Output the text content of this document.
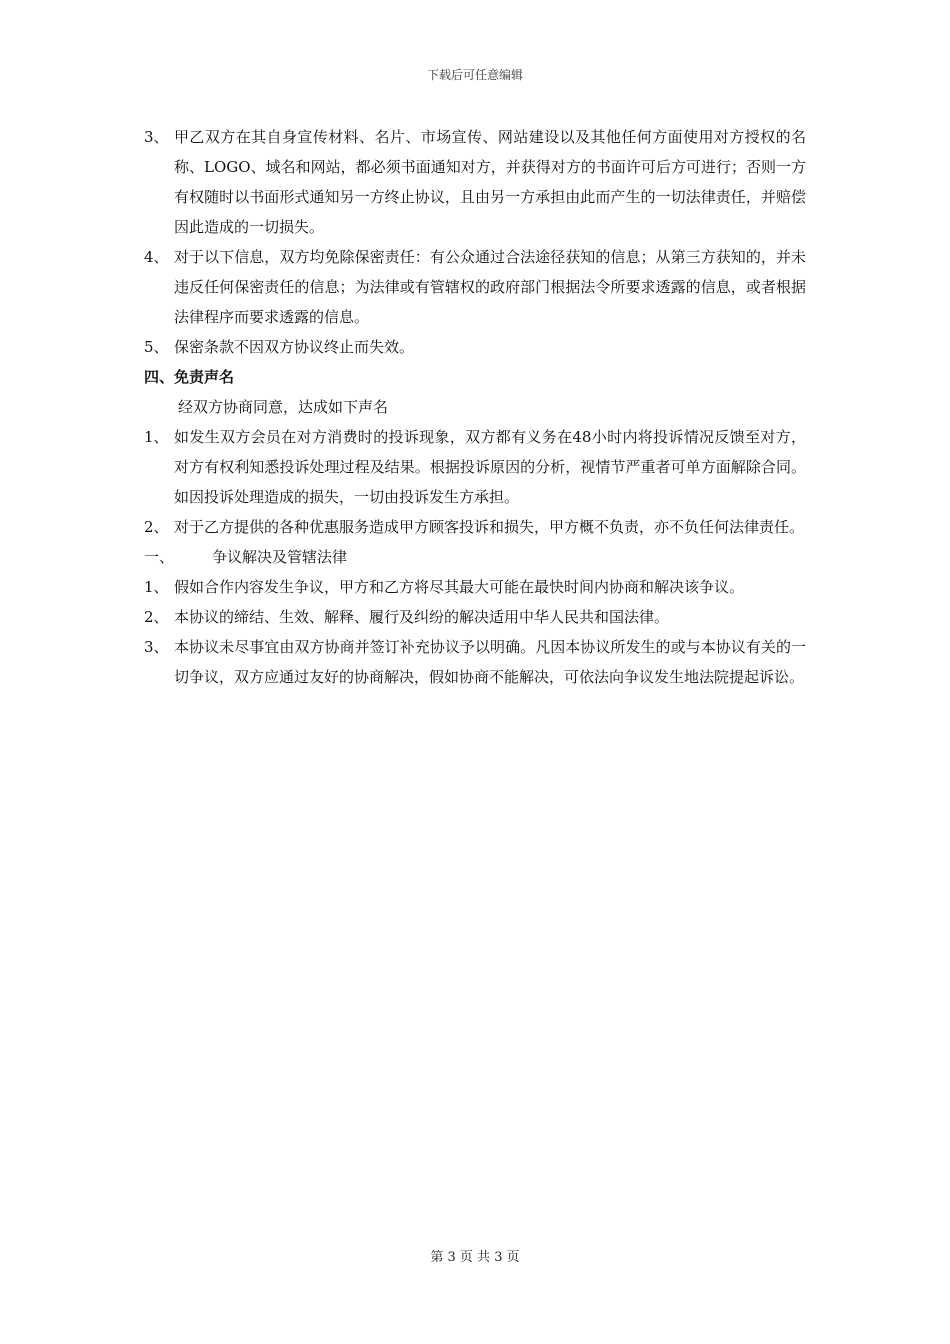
下载后可任意编辑
3、 甲乙双方在其自身宣传材料、名片、市场宣传、网站建设以及其他任何方面使用对方授权的名称、LOGO、域名和网站，都必须书面通知对方，并获得对方的书面许可后方可进行；否则一方有权随时以书面形式通知另一方终止协议，且由另一方承担由此而产生的一切法律责任，并赔偿因此造成的一切损失。
4、 对于以下信息，双方均免除保密责任：有公众通过合法途径获知的信息；从第三方获知的，并未违反任何保密责任的信息；为法律或有管辖权的政府部门根据法令所要求透露的信息，或者根据法律程序而要求透露的信息。
5、 保密条款不因双方协议终止而失效。
四、免责声名
经双方协商同意，达成如下声名
1、 如发生双方会员在对方消费时的投诉现象，双方都有义务在48小时内将投诉情况反馈至对方，对方有权利知悉投诉处理过程及结果。根据投诉原因的分析，视情节严重者可单方面解除合同。如因投诉处理造成的损失，一切由投诉发生方承担。
2、 对于乙方提供的各种优惠服务造成甲方顾客投诉和损失，甲方概不负责，亦不负任何法律责任。
一、	争议解决及管辖法律
1、 假如合作内容发生争议，甲方和乙方将尽其最大可能在最快时间内协商和解决该争议。
2、 本协议的缔结、生效、解释、履行及纠纷的解决适用中华人民共和国法律。
3、 本协议未尽事宜由双方协商并签订补充协议予以明确。凡因本协议所发生的或与本协议有关的一切争议，双方应通过友好的协商解决，假如协商不能解决，可依法向争议发生地法院提起诉讼。
第 3 页 共 3 页
